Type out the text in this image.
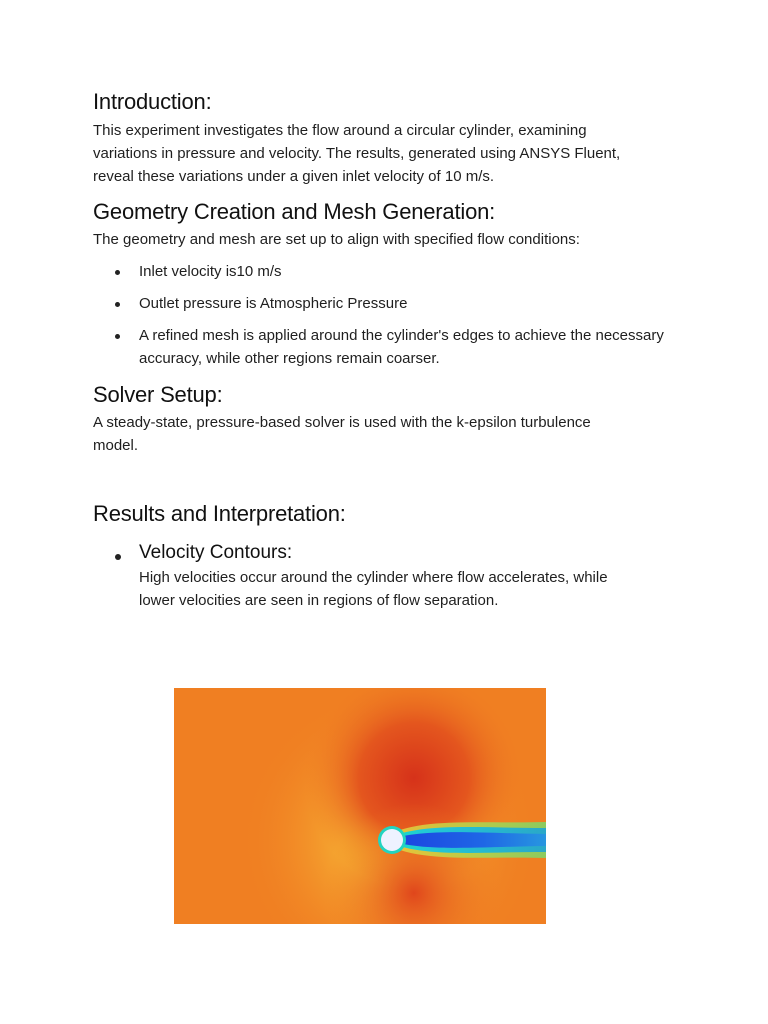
Introduction:
This experiment investigates the flow around a circular cylinder, examining
variations in pressure and velocity. The results, generated using ANSYS Fluent,
reveal these variations under a given inlet velocity of 10 m/s.
Geometry Creation and Mesh Generation:
The geometry and mesh are set up to align with specified flow conditions:
Inlet velocity is10 m/s
Outlet pressure is Atmospheric Pressure
A refined mesh is applied around the cylinder's edges to achieve the necessary accuracy, while other regions remain coarser.
Solver Setup:
A steady-state, pressure-based solver is used with the k-epsilon turbulence
model.
Results and Interpretation:
Velocity Contours:
High velocities occur around the cylinder where flow accelerates, while
lower velocities are seen in regions of flow separation.
